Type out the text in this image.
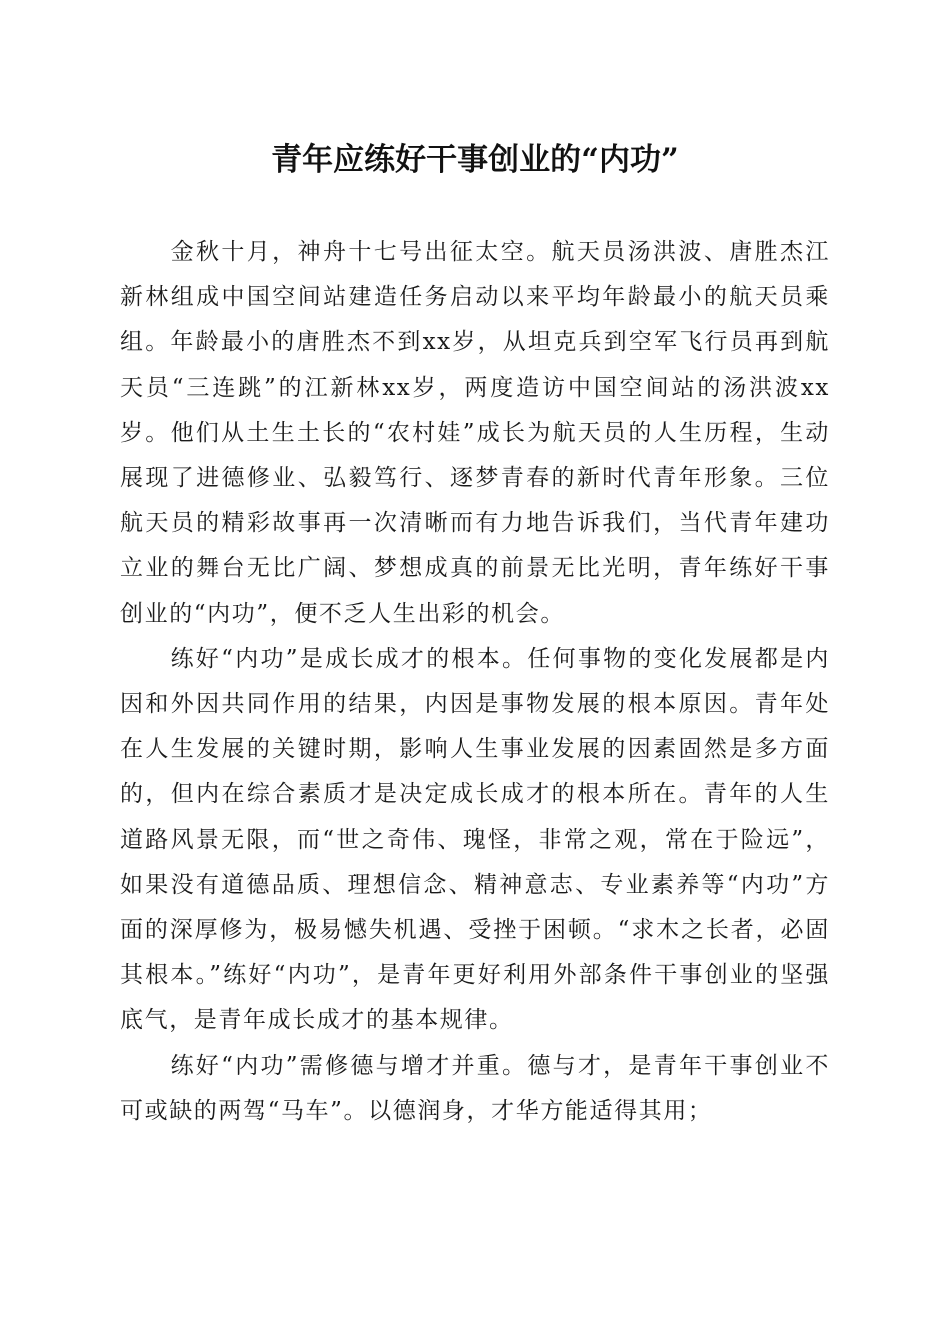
青年应练好干事创业的“内功”

金秋十月，神舟十七号出征太空。航天员汤洪波、唐胜杰江新林组成中国空间站建造任务启动以来平均年龄最小的航天员乘组。年龄最小的唐胜杰不到xx岁，从坦克兵到空军飞行员再到航天员“三连跳”的江新林xx岁，两度造访中国空间站的汤洪波xx岁。他们从土生土长的“农村娃”成长为航天员的人生历程，生动展现了进德修业、弘毅笃行、逐梦青春的新时代青年形象。三位航天员的精彩故事再一次清晰而有力地告诉我们，当代青年建功立业的舞台无比广阔、梦想成真的前景无比光明，青年练好干事创业的“内功”，便不乏人生出彩的机会。

练好“内功”是成长成才的根本。任何事物的变化发展都是内因和外因共同作用的结果，内因是事物发展的根本原因。青年处在人生发展的关键时期，影响人生事业发展的因素固然是多方面的，但内在综合素质才是决定成长成才的根本所在。青年的人生道路风景无限，而“世之奇伟、瑰怪，非常之观，常在于险远”，如果没有道德品质、理想信念、精神意志、专业素养等“内功”方面的深厚修为，极易憾失机遇、受挫于困顿。“求木之长者，必固其根本。”练好“内功”，是青年更好利用外部条件干事创业的坚强底气，是青年成长成才的基本规律。

练好“内功”需修德与增才并重。德与才，是青年干事创业不可或缺的两驾“马车”。以德润身，才华方能适得其用；
